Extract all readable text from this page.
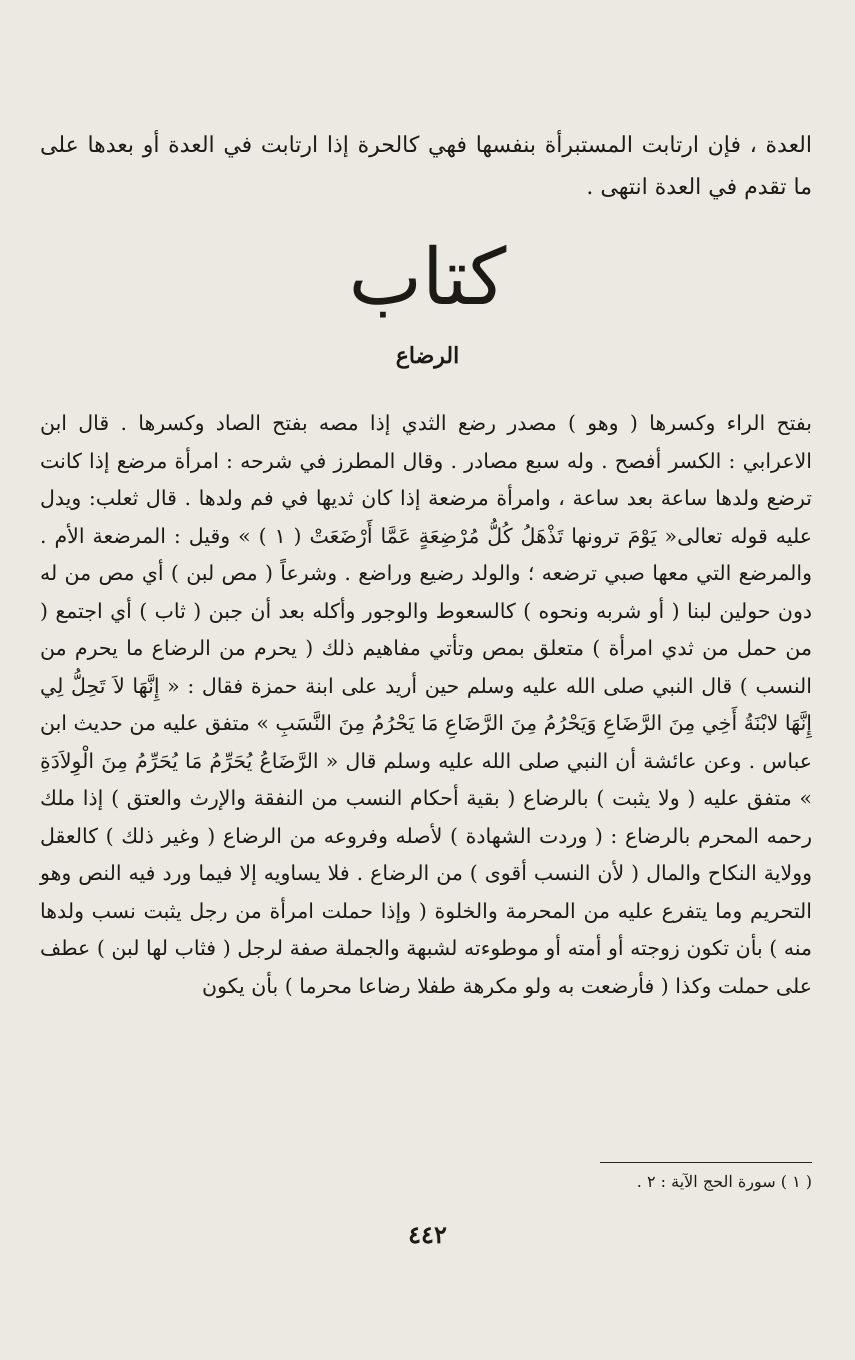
العدة ، فإن ارتابت المستبرأة بنفسها فهي كالحرة إذا ارتابت في العدة أو بعدها على ما تقدم في العدة انتهى .

كتاب
الرضاع

بفتح الراء وكسرها ( وهو ) مصدر رضع الثدي إذا مصه بفتح الصاد وكسرها . قال ابن الاعرابي : الكسر أفصح . وله سبع مصادر . وقال المطرز في شرحه : امرأة مرضع إذا كانت ترضع ولدها ساعة بعد ساعة ، وامرأة مرضعة إذا كان ثديها في فم ولدها . قال ثعلب: ويدل عليه قوله تعالى« يَوْمَ ترونها تَذْهَلُ كُلُّ مُرْضِعَةٍ عَمَّا أَرْضَعَتْ ( ١ ) » وقيل : المرضعة الأم . والمرضع التي معها صبي ترضعه ؛ والولد رضيع وراضع . وشرعاً ( مص لبن ) أي مص من له دون حولين لبنا ( أو شربه ونحوه ) كالسعوط والوجور وأكله بعد أن جبن ( ثاب ) أي اجتمع ( من حمل من ثدي امرأة ) متعلق بمص وتأتي مفاهيم ذلك ( يحرم من الرضاع ما يحرم من النسب ) قال النبي صلى الله عليه وسلم حين أريد على ابنة حمزة فقال : « إِنَّهَا لاَ تَحِلُّ لِي إِنَّهَا لابْنَةُ أَخِي مِنَ الرَّضَاعِ وَيَحْرُمُ مِنَ الرَّضَاعِ مَا يَحْرُمُ مِنَ النَّسَبِ » متفق عليه من حديث ابن عباس . وعن عائشة أن النبي صلى الله عليه وسلم قال « الرَّضَاعُ يُحَرِّمُ مَا يُحَرِّمُ مِنَ الْوِلاَدَةِ » متفق عليه ( ولا يثبت ) بالرضاع ( بقية أحكام النسب من النفقة والإرث والعتق ) إذا ملك رحمه المحرم بالرضاع : ( وردت الشهادة ) لأصله وفروعه من الرضاع ( وغير ذلك ) كالعقل وولاية النكاح والمال ( لأن النسب أقوى ) من الرضاع . فلا يساويه إلا فيما ورد فيه النص وهو التحريم وما يتفرع عليه من المحرمة والخلوة ( وإذا حملت امرأة من رجل يثبت نسب ولدها منه ) بأن تكون زوجته أو أمته أو موطوءته لشبهة والجملة صفة لرجل ( فثاب لها لبن ) عطف على حملت وكذا ( فأرضعت به ولو مكرهة طفلا رضاعا محرما ) بأن يكون

( ١ ) سورة الحج الآية : ٢ .

٤٤٢
